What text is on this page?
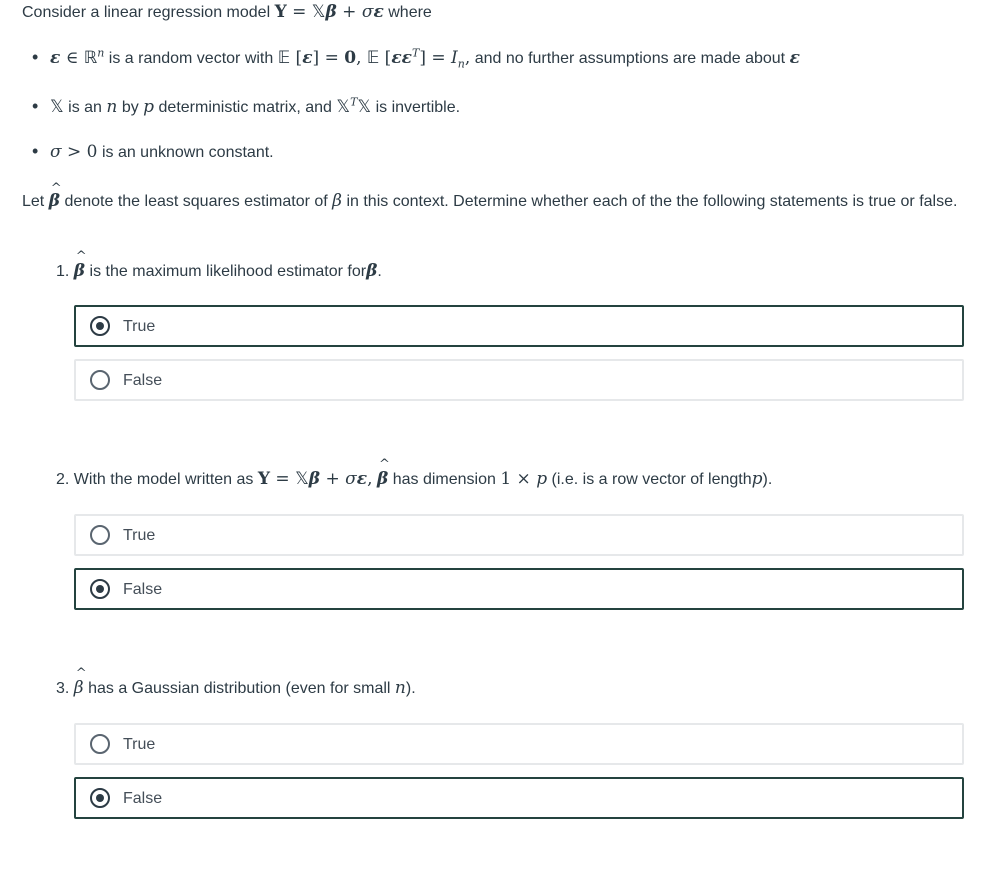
Consider a linear regression model Y = 𝕏β + σε where
• ε ∈ ℝ$^n$ is a random vector with 𝔼 [ε] = 0, 𝔼 $[\varepsilon\varepsilon^T] = I_n$, and no further assumptions are made about ε
• 𝕏 is an n by p deterministic matrix, and 𝕏$^T$𝕏 is invertible.
• σ > 0 is an unknown constant.
Let ^ β denote the least squares estimator of β in this context. Determine whether each of the the following statements is true or false.
1. ^ β is the maximum likelihood estimator forβ.
True
False
2. With the model written as Y = 𝕏β + σε, ^ β has dimension 1 × p (i.e. is a row vector of lengthp).
True
False
3. ^ β has a Gaussian distribution (even for small n).
True
False
